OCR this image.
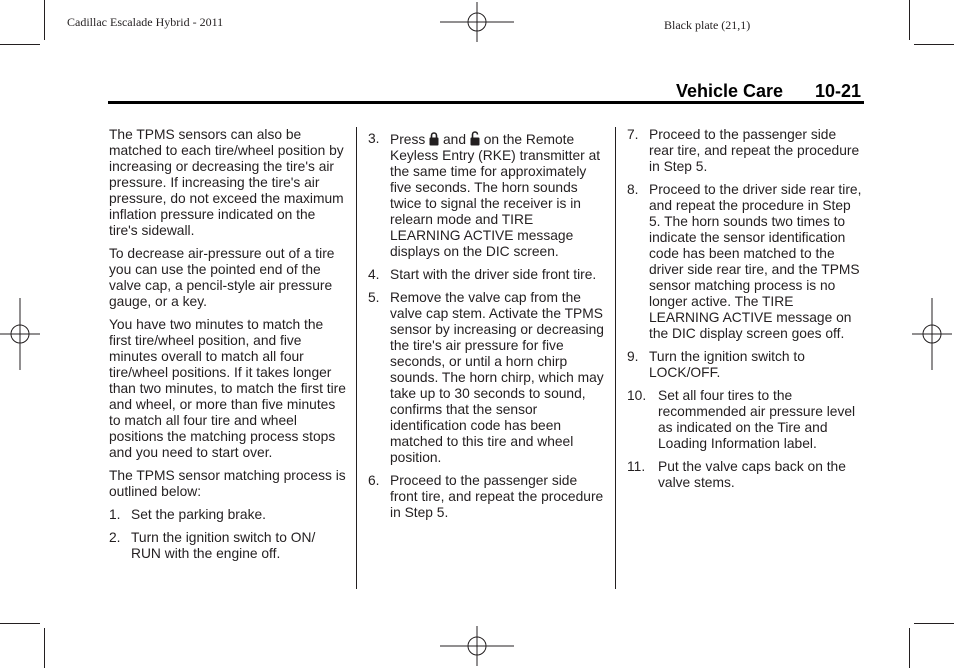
Cadillac Escalade Hybrid - 2011	Black plate (21,1)
Vehicle Care 10-21

The TPMS sensors can also be matched to each tire/wheel position by increasing or decreasing the tire's air pressure. If increasing the tire's air pressure, do not exceed the maximum inflation pressure indicated on the tire's sidewall.

To decrease air-pressure out of a tire you can use the pointed end of the valve cap, a pencil-style air pressure gauge, or a key.

You have two minutes to match the first tire/wheel position, and five minutes overall to match all four tire/wheel positions. If it takes longer than two minutes, to match the first tire and wheel, or more than five minutes to match all four tire and wheel positions the matching process stops and you need to start over.

The TPMS sensor matching process is outlined below:

1. Set the parking brake.
2. Turn the ignition switch to ON/ RUN with the engine off.
3. Press and on the Remote Keyless Entry (RKE) transmitter at the same time for approximately five seconds. The horn sounds twice to signal the receiver is in relearn mode and TIRE LEARNING ACTIVE message displays on the DIC screen.
4. Start with the driver side front tire.
5. Remove the valve cap from the valve cap stem. Activate the TPMS sensor by increasing or decreasing the tire's air pressure for five seconds, or until a horn chirp sounds. The horn chirp, which may take up to 30 seconds to sound, confirms that the sensor identification code has been matched to this tire and wheel position.
6. Proceed to the passenger side front tire, and repeat the procedure in Step 5.
7. Proceed to the passenger side rear tire, and repeat the procedure in Step 5.
8. Proceed to the driver side rear tire, and repeat the procedure in Step 5. The horn sounds two times to indicate the sensor identification code has been matched to the driver side rear tire, and the TPMS sensor matching process is no longer active. The TIRE LEARNING ACTIVE message on the DIC display screen goes off.
9. Turn the ignition switch to LOCK/OFF.
10. Set all four tires to the recommended air pressure level as indicated on the Tire and Loading Information label.
11. Put the valve caps back on the valve stems.
